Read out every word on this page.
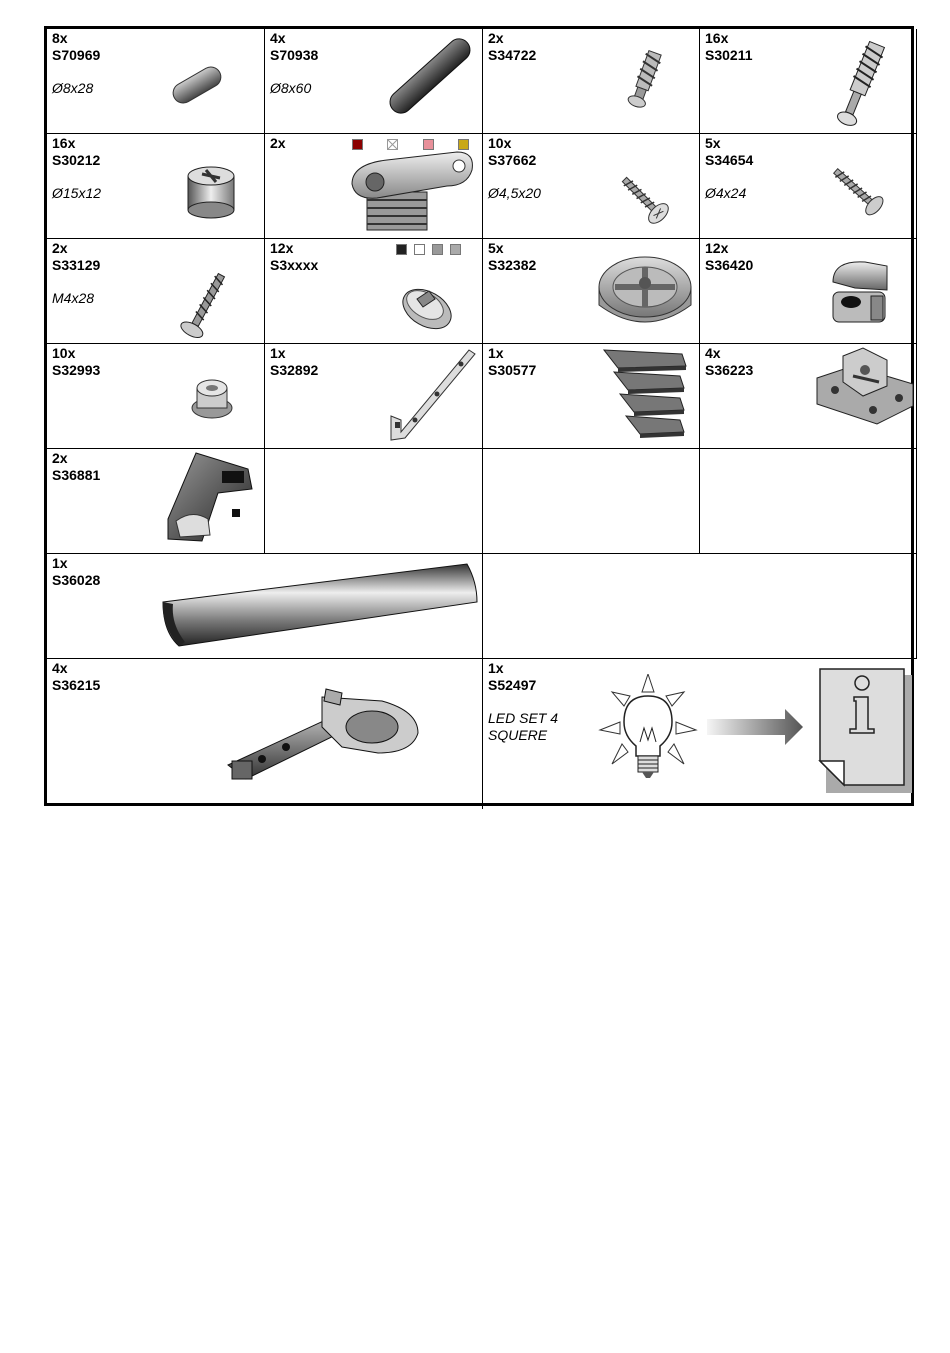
8x
S70969
Ø8x28
4x
S70938
Ø8x60
2x
S34722
16x
S30211
16x
S30212
Ø15x12
2x	10x
S37662
Ø4,5x20
5x
S34654
Ø4x24
2x
S33129
M4x28
12x
S3xxxx
5x
S32382
12x
S36420
10x
S32993
1x
S32892
1x
S30577
4x
S36223
2x
S36881
1x
S36028
4x
S36215
1x
S52497
LED SET 4
SQUERE
